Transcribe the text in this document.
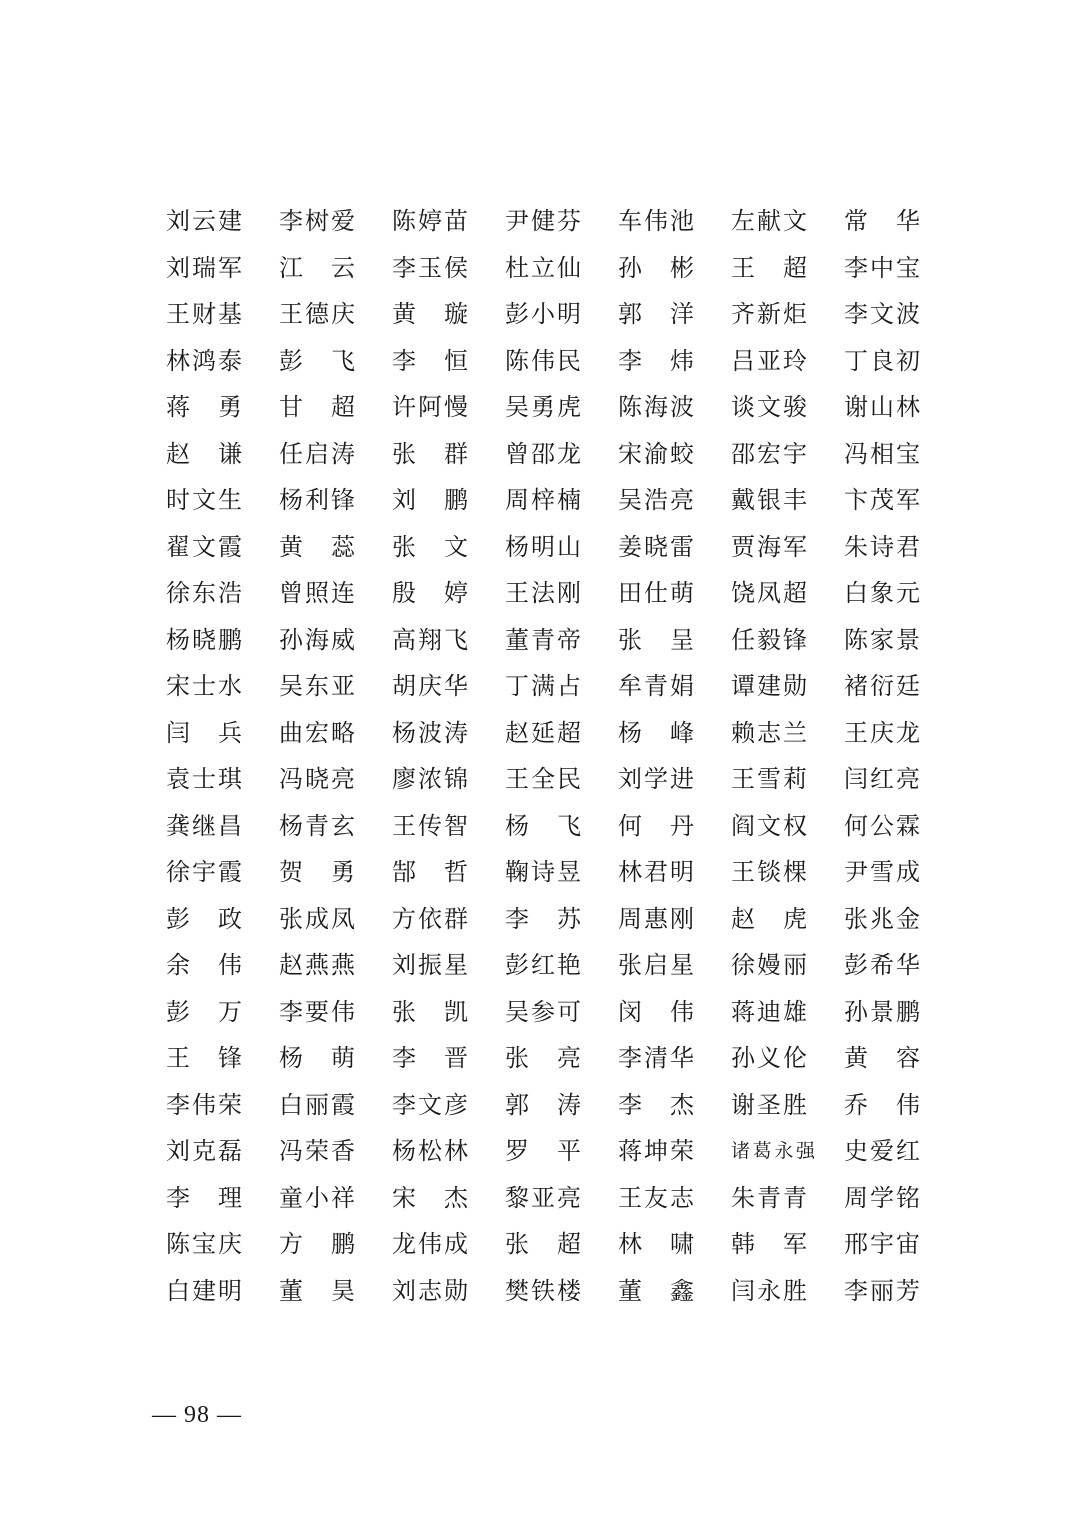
刘 云 建 李 树 爱 陈 婷 苗 尹 健 芬 车 伟 池 左 献 文 常 华
刘 瑞 军 江 云 李 玉 侯 杜 立 仙 孙 彬 王 超 李 中 宝
王 财 基 王 德 庆 黄 璇 彭 小 明 郭 洋 齐 新 炬 李 文 波
林 鸿 泰 彭 飞 李 恒 陈 伟 民 李 炜 吕 亚 玲 丁 良 初
蒋 勇 甘 超 许 阿 慢 吴 勇 虎 陈 海 波 谈 文 骏 谢 山 林
赵 谦 任 启 涛 张 群 曾 邵 龙 宋 渝 蛟 邵 宏 宇 冯 相 宝
时 文 生 杨 利 锋 刘 鹏 周 梓 楠 吴 浩 亮 戴 银 丰 卞 茂 军
翟 文 霞 黄 蕊 张 文 杨 明 山 姜 晓 雷 贾 海 军 朱 诗 君
徐 东 浩 曾 照 连 殷 婷 王 法 刚 田 仕 萌 饶 凤 超 白 象 元
杨 晓 鹏 孙 海 威 高 翔 飞 董 青 帝 张 呈 任 毅 锋 陈 家 景
宋 士 水 吴 东 亚 胡 庆 华 丁 满 占 牟 青 娟 谭 建 勋 褚 衍 廷
闫 兵 曲 宏 略 杨 波 涛 赵 延 超 杨 峰 赖 志 兰 王 庆 龙
袁 士 琪 冯 晓 亮 廖 浓 锦 王 全 民 刘 学 进 王 雪 莉 闫 红 亮
龚 继 昌 杨 青 玄 王 传 智 杨 飞 何 丹 阎 文 权 何 公 霖
徐 宇 霞 贺 勇 郜 哲 鞠 诗 昱 林 君 明 王 锬 棵 尹 雪 成
彭 政 张 成 凤 方 依 群 李 苏 周 惠 刚 赵 虎 张 兆 金
余 伟 赵 燕 燕 刘 振 星 彭 红 艳 张 启 星 徐 嫚 丽 彭 希 华
彭 万 李 要 伟 张 凯 吴 参 可 闵 伟 蒋 迪 雄 孙 景 鹏
王 锋 杨 萌 李 晋 张 亮 李 清 华 孙 义 伦 黄 容
李 伟 荣 白 丽 霞 李 文 彦 郭 涛 李 杰 谢 圣 胜 乔 伟
刘 克 磊 冯 荣 香 杨 松 林 罗 平 蒋 坤 荣 诸 葛 永 强 史 爱 红
李 理 童 小 祥 宋 杰 黎 亚 亮 王 友 志 朱 青 青 周 学 铭
陈 宝 庆 方 鹏 龙 伟 成 张 超 林 啸 韩 军 邢 宇 宙
白 建 明 董 昊 刘 志 勋 樊 铁 楼 董 鑫 闫 永 胜 李 丽 芳
— 98 —
